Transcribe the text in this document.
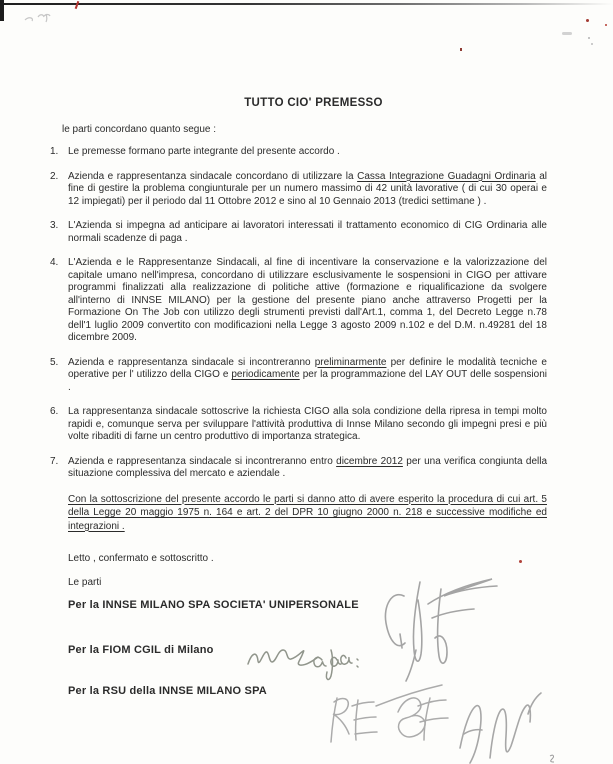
TUTTO CIO' PREMESSO
le parti concordano quanto segue :
1. Le premesse formano parte integrante del presente accordo .
2. Azienda e rappresentanza sindacale concordano di utilizzare la Cassa Integrazione Guadagni Ordinaria al fine di gestire la problema congiunturale per un numero massimo di 42 unità lavorative ( di cui 30 operai e 12 impiegati) per il periodo dal 11 Ottobre 2012 e sino al 10 Gennaio 2013 (tredici settimane ) .
3. L'Azienda si impegna ad anticipare ai lavoratori interessati il trattamento economico di CIG Ordinaria alle normali scadenze di paga .
4. L'Azienda e le Rappresentanze Sindacali, al fine di incentivare la conservazione e la valorizzazione del capitale umano nell'impresa, concordano di utilizzare esclusivamente le sospensioni in CIGO per attivare programmi finalizzati alla realizzazione di politiche attive (formazione e riqualificazione da svolgere all'interno di INNSE MILANO) per la gestione del presente piano anche attraverso Progetti per la Formazione On The Job con utilizzo degli strumenti previsti dall'Art.1, comma 1, del Decreto Legge n.78 dell'1 luglio 2009 convertito con modificazioni nella Legge 3 agosto 2009 n.102 e del D.M. n.49281 del 18 dicembre 2009.
5. Azienda e rappresentanza sindacale si incontreranno preliminarmente per definire le modalità tecniche e operative per l' utilizzo della CIGO e periodicamente per la programmazione del LAY OUT delle sospensioni .
6. La rappresentanza sindacale sottoscrive la richiesta CIGO alla sola condizione della ripresa in tempi molto rapidi e, comunque serva per sviluppare l'attività produttiva di Innse Milano secondo gli impegni presi e più volte ribaditi di farne un centro produttivo di importanza strategica.
7. Azienda e rappresentanza sindacale si incontreranno entro dicembre 2012 per una verifica congiunta della situazione complessiva del mercato e aziendale .

Con la sottoscrizione del presente accordo le parti si danno atto di avere esperito la procedura di cui art. 5 della Legge 20 maggio 1975 n. 164 e art. 2 del DPR 10 giugno 2000 n. 218 e successive modifiche ed integrazioni .

Letto , confermato e sottoscritto .
Le parti
Per la INNSE MILANO SPA SOCIETA' UNIPERSONALE
Per la FIOM CGIL di Milano
Per la RSU della INNSE MILANO SPA
